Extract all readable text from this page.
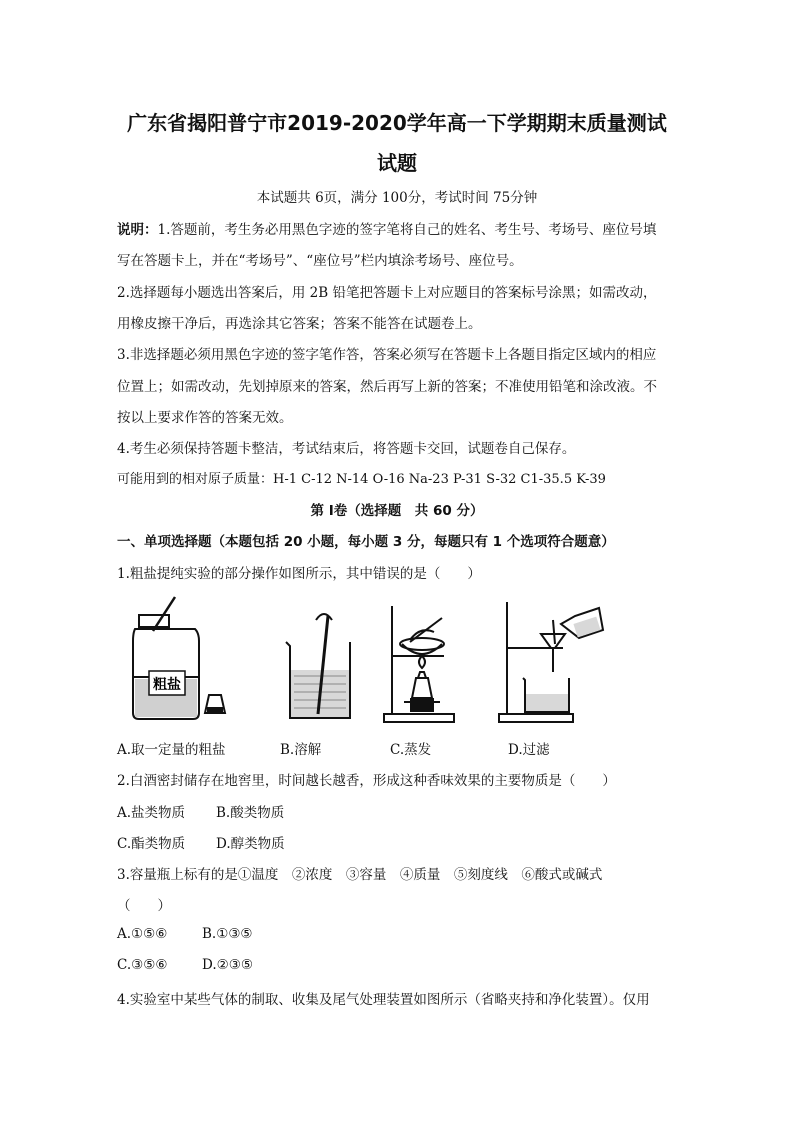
广东省揭阳普宁市2019-2020学年高一下学期期末质量测试
试题
本试题共 6页，满分 100分，考试时间 75分钟
说明：1.答题前，考生务必用黑色字迹的签字笔将自己的姓名、考生号、考场号、座位号填
写在答题卡上，并在“考场号”、“座位号”栏内填涂考场号、座位号。
2.选择题每小题选出答案后，用 2B 铅笔把答题卡上对应题目的答案标号涂黑；如需改动，
用橡皮擦干净后，再选涂其它答案；答案不能答在试题卷上。
3.非选择题必须用黑色字迹的签字笔作答，答案必须写在答题卡上各题目指定区域内的相应
位置上；如需改动，先划掉原来的答案，然后再写上新的答案；不准使用铅笔和涂改液。不
按以上要求作答的答案无效。
4.考生必须保持答题卡整洁，考试结束后，将答题卡交回，试题卷自己保存。
可能用到的相对原子质量：H-1 C-12 N-14 O-16 Na-23 P-31 S-32 C1-35.5 K-39
第 I卷（选择题　共 60 分）
一、单项选择题（本题包括 20 小题，每小题 3 分，每题只有 1 个选项符合题意）
1.粗盐提纯实验的部分操作如图所示，其中错误的是（　　）
粗盐
A.取一定量的粗盐	B.溶解	C.蒸发	D.过滤
2.白酒密封储存在地窖里，时间越长越香，形成这种香味效果的主要物质是（　　）
A.盐类物质 B.酸类物质
C.酯类物质 D.醇类物质
3.容量瓶上标有的是①温度　②浓度　③容量　④质量　⑤刻度线　⑥酸式或碱式
（　　）
A.①⑤⑥	B.①③⑤
C.③⑤⑥	D.②③⑤
4.实验室中某些气体的制取、收集及尾气处理装置如图所示（省略夹持和净化装置）。仅用
